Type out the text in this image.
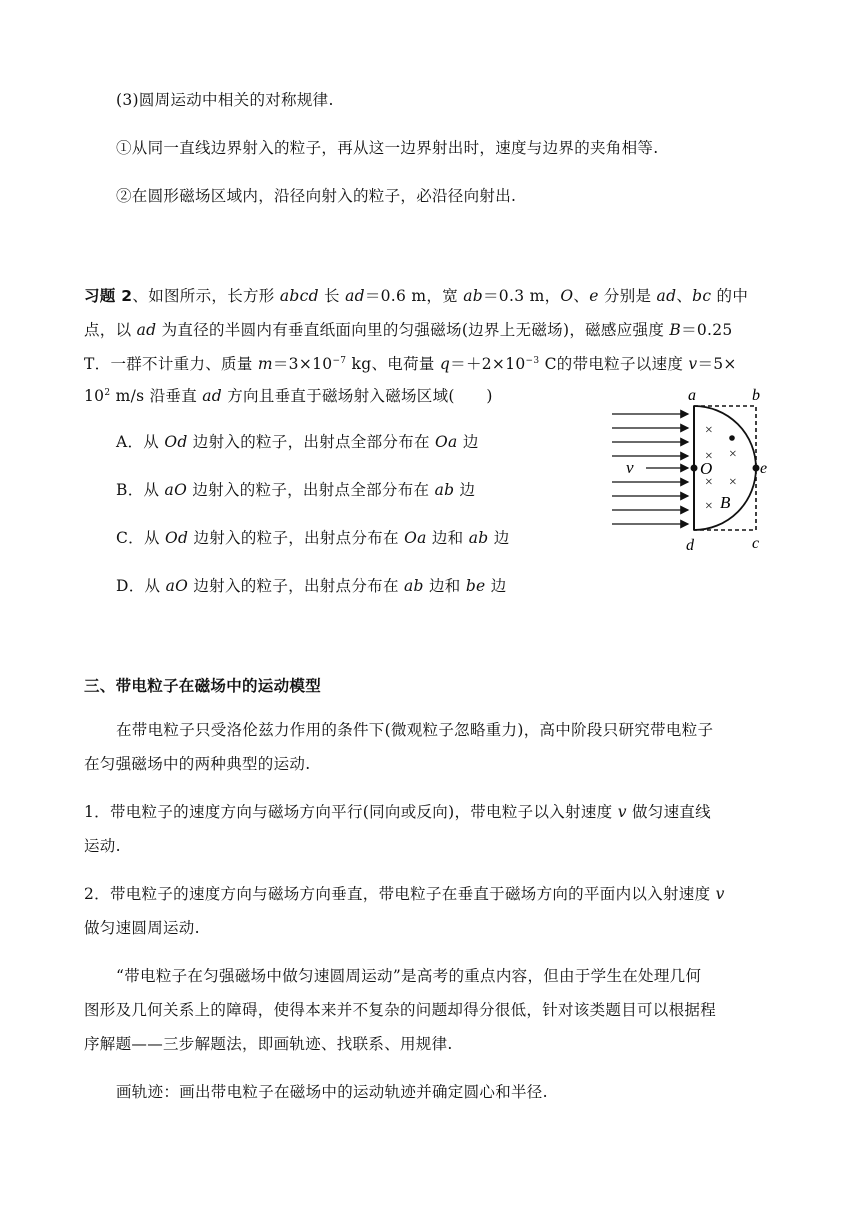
(3)圆周运动中相关的对称规律.
①从同一直线边界射入的粒子，再从这一边界射出时，速度与边界的夹角相等.
②在圆形磁场区域内，沿径向射入的粒子，必沿径向射出.
习题 2、如图所示，长方形 abcd 长 ad＝0.6 m，宽 ab＝0.3 m，O、e 分别是 ad、bc 的中
点，以 ad 为直径的半圆内有垂直纸面向里的匀强磁场(边界上无磁场)，磁感应强度 B＝0.25
T．一群不计重力、质量 $m=3\times 10^{-7}$ kg、电荷量 $q=+2\times 10^{-3}$ C的带电粒子以速度 v＝5×
$10^2$ m/s 沿垂直 ad 方向且垂直于磁场射入磁场区域(　　)
A．从 Od 边射入的粒子，出射点全部分布在 Oa 边
B．从 aO 边射入的粒子，出射点全部分布在 ab 边
C．从 Od 边射入的粒子，出射点分布在 Oa 边和 ab 边
D．从 aO 边射入的粒子，出射点分布在 ab 边和 be 边
×
×
×
× ×
×
a	b
e
c
d
O
B
v
三、带电粒子在磁场中的运动模型
在带电粒子只受洛伦兹力作用的条件下(微观粒子忽略重力)，高中阶段只研究带电粒子
在匀强磁场中的两种典型的运动.
1．带电粒子的速度方向与磁场方向平行(同向或反向)，带电粒子以入射速度 v 做匀速直线
运动.
2．带电粒子的速度方向与磁场方向垂直，带电粒子在垂直于磁场方向的平面内以入射速度 v
做匀速圆周运动.
“带电粒子在匀强磁场中做匀速圆周运动”是高考的重点内容，但由于学生在处理几何
图形及几何关系上的障碍，使得本来并不复杂的问题却得分很低，针对该类题目可以根据程
序解题——三步解题法，即画轨迹、找联系、用规律.
画轨迹：画出带电粒子在磁场中的运动轨迹并确定圆心和半径.
